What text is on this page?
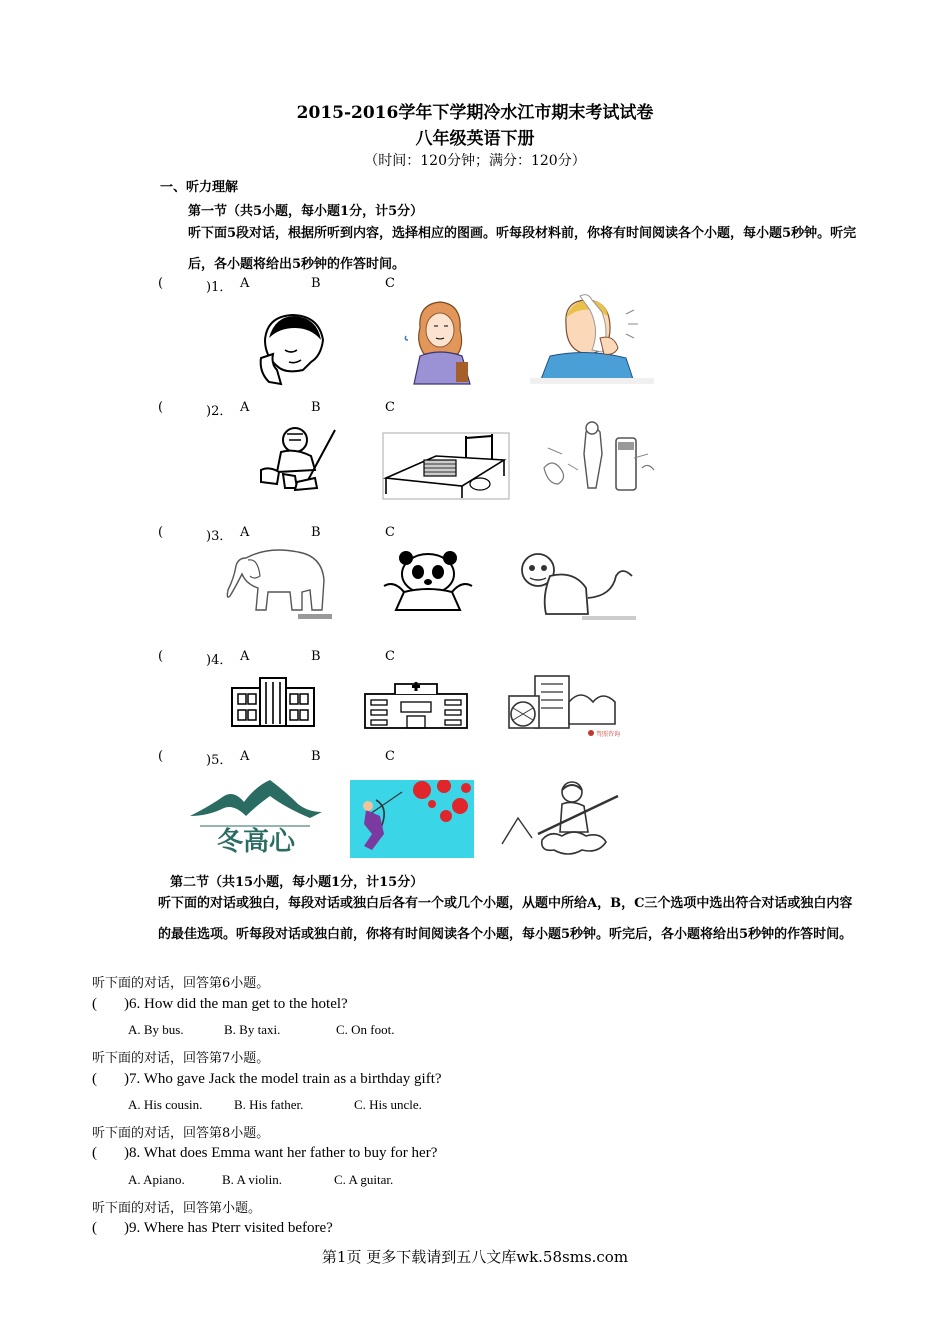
2015-2016学年下学期冷水江市期末考试试卷
八年级英语下册
（时间：120分钟；满分：120分）
一、听力理解
第一节（共5小题，每小题1分，计5分）
听下面5段对话，根据所听到内容，选择相应的图画。听每段材料前，你将有时间阅读各个小题，每小题5秒钟。听完后，各小题将给出5秒钟的作答时间。
(	)1． A	B	C
(	)2． A	B	C
(	)3． A	B	C
(	)4． A	B	C
(	)5． A	B	C
驾照咨询
冬高心
第二节（共15小题，每小题1分，计15分）
听下面的对话或独白，每段对话或独白后各有一个或几个小题，从题中所给A，B，C三个选项中选出符合对话或独白内容的最佳选项。听每段对话或独白前，你将有时间阅读各个小题，每小题5秒钟。听完后，各小题将给出5秒钟的作答时间。
听下面的对话，回答第6小题。
( )6. How did the man get to the hotel?
A. By bus.	B. By taxi.	C. On foot.
听下面的对话，回答第7小题。
( )7. Who gave Jack the model train as a birthday gift?
A. His cousin. B. His father.	C. His uncle.
听下面的对话，回答第8小题。
( )8. What does Emma want her father to buy for her?
A. Apiano.	B. A violin.	C. A guitar.
听下面的对话，回答第小题。
( )9. Where has Pterr visited before?
第1页 更多下载请到五八文库wk.58sms.com
